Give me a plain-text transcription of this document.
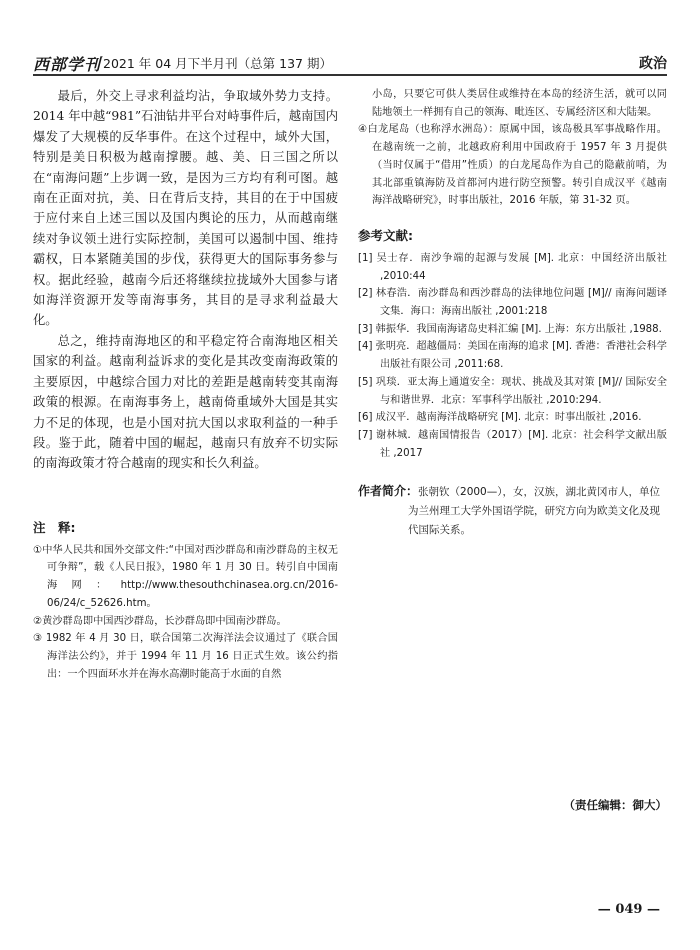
西部学刊 2021 年 04 月下半月刊（总第 137 期）	政治

最后，外交上寻求利益均沾，争取域外势力支持。2014 年中越“981”石油钻井平台对峙事件后，越南国内爆发了大规模的反华事件。在这个过程中，域外大国，特别是美日积极为越南撑腰。越、美、日三国之所以在“南海问题”上步调一致，是因为三方均有利可图。越南在正面对抗，美、日在背后支持，其目的在于中国疲于应付来自上述三国以及国内舆论的压力，从而越南继续对争议领土进行实际控制，美国可以遏制中国、维持霸权，日本紧随美国的步伐，获得更大的国际事务参与权。据此经验，越南今后还将继续拉拢域外大国参与诸如海洋资源开发等南海事务，其目的是寻求利益最大化。

总之，维持南海地区的和平稳定符合南海地区相关国家的利益。越南利益诉求的变化是其改变南海政策的主要原因，中越综合国力对比的差距是越南转变其南海政策的根源。在南海事务上，越南倚重域外大国是其实力不足的体现，也是小国对抗大国以求取利益的一种手段。鉴于此，随着中国的崛起，越南只有放弃不切实际的南海政策才符合越南的现实和长久利益。

注　释:

①中华人民共和国外交部文件:“中国对西沙群岛和南沙群岛的主权无可争辩”，载《人民日报》，1980 年 1 月 30 日。转引自中国南海网：http://www.thesouthchinasea.org.cn/2016-06/24/c_52626.htm。

②黄沙群岛即中国西沙群岛，长沙群岛即中国南沙群岛。

③ 1982 年 4 月 30 日，联合国第二次海洋法会议通过了《联合国海洋法公约》，并于 1994 年 11 月 16 日正式生效。该公约指出：一个四面环水并在海水高潮时能高于水面的自然

小岛，只要它可供人类居住或维持在本岛的经济生活，就可以同陆地领土一样拥有自己的领海、毗连区、专属经济区和大陆架。

④白龙尾岛（也称浮水洲岛）：原属中国，该岛极具军事战略作用。在越南统一之前，北越政府利用中国政府于 1957 年 3 月提供（当时仅属于“借用”性质）的白龙尾岛作为自己的隐蔽前哨，为其北部重镇海防及首都河内进行防空预警。转引自成汉平《越南海洋战略研究》，时事出版社，2016 年版，第 31-32 页。

参考文献:

[1] 吴士存．南沙争端的起源与发展 [M]. 北京：中国经济出版社 ,2010:44

[2] 林春浩．南沙群岛和西沙群岛的法律地位问题 [M]// 南海问题译文集．海口：海南出版社 ,2001:218

[3] 韩振华．我国南海诸岛史料汇编 [M]. 上海：东方出版社 ,1988.

[4] 张明亮．超越僵局：美国在南海的追求 [M]. 香港：香港社会科学出版社有限公司 ,2011:68.

[5] 巩琰．亚太海上通道安全：现状、挑战及其对策 [M]// 国际安全与和谐世界．北京：军事科学出版社 ,2010:294.

[6] 成汉平．越南海洋战略研究 [M]. 北京：时事出版社 ,2016.

[7] 谢林城．越南国情报告（2017）[M]. 北京：社会科学文献出版社 ,2017

作者简介：张朝钦（2000—），女，汉族，湖北黄冈市人，单位为兰州理工大学外国语学院，研究方向为欧美文化及现代国际关系。

（责任编辑：御大）
— 049 —
